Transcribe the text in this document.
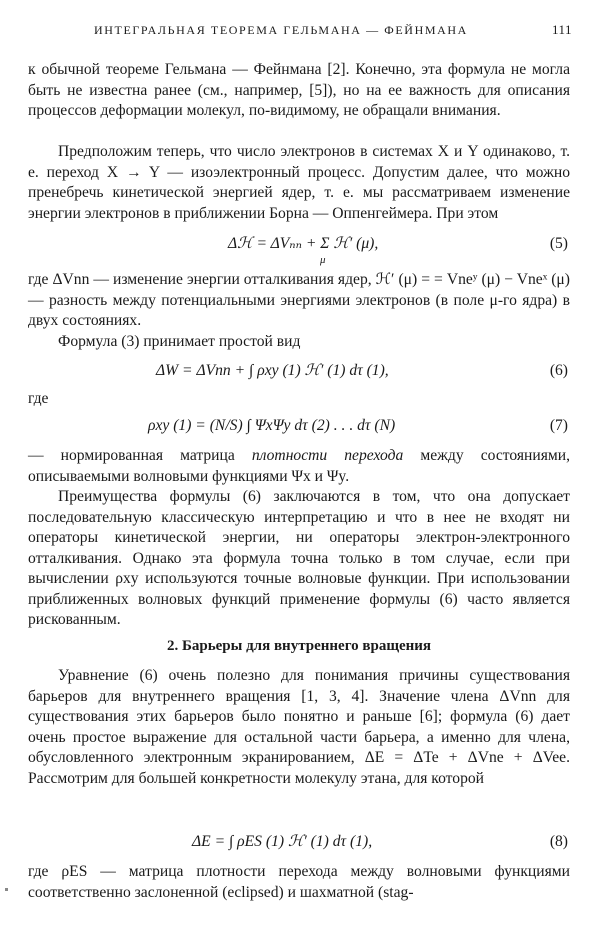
ИНТЕГРАЛЬНАЯ ТЕОРЕМА ГЕЛЬМАНА — ФЕЙНМАНА	111

к обычной теореме Гельмана — Фейнмана [2]. Конечно, эта формула не могла быть не известна ранее (см., например, [5]), но на ее важность для описания процессов деформации молекул, по-видимому, не обращали внимания.

Предположим теперь, что число электронов в системах X и Y одинаково, т. е. переход X → Y — изоэлектронный процесс. Допустим далее, что можно пренебречь кинетической энергией ядер, т. е. мы рассматриваем изменение энергии электронов в приближении Борна — Оппенгеймера. При этом

Δℋ = ΔVₙₙ + Σ ℋ′ (μ),
μ
(5)

где ΔVnn — изменение энергии отталкивания ядер, ℋ′ (μ) = = Vneʸ (μ) − Vneˣ (μ) — разность между потенциальными энергиями электронов (в поле μ-го ядра) в двух состояниях.

Формула (3) принимает простой вид

ΔW = ΔVnn + ∫ ρxy (1) ℋ′ (1) dτ (1),	(6)
где
ρxy (1) = (N/S) ∫ ΨxΨy dτ (2) . . . dτ (N)	(7)

— нормированная матрица плотности перехода между состояниями, описываемыми волновыми функциями Ψx и Ψy.

Преимущества формулы (6) заключаются в том, что она допускает последовательную классическую интерпретацию и что в нее не входят ни операторы кинетической энергии, ни операторы электрон-электронного отталкивания. Однако эта формула точна только в том случае, если при вычислении ρxy используются точные волновые функции. При использовании приближенных волновых функций применение формулы (6) часто является рискованным.

2. Барьеры для внутреннего вращения

Уравнение (6) очень полезно для понимания причины существования барьеров для внутреннего вращения [1, 3, 4]. Значение члена ΔVnn для существования этих барьеров было понятно и раньше [6]; формула (6) дает очень простое выражение для остальной части барьера, а именно для члена, обусловленного электронным экранированием, ΔE = ΔTe + ΔVne + ΔVee. Рассмотрим для большей конкретности молекулу этана, для которой

ΔE = ∫ ρES (1) ℋ′ (1) dτ (1),	(8)

где ρES — матрица плотности перехода между волновыми функциями соответственно заслоненной (eclipsed) и шахматной (stag-
